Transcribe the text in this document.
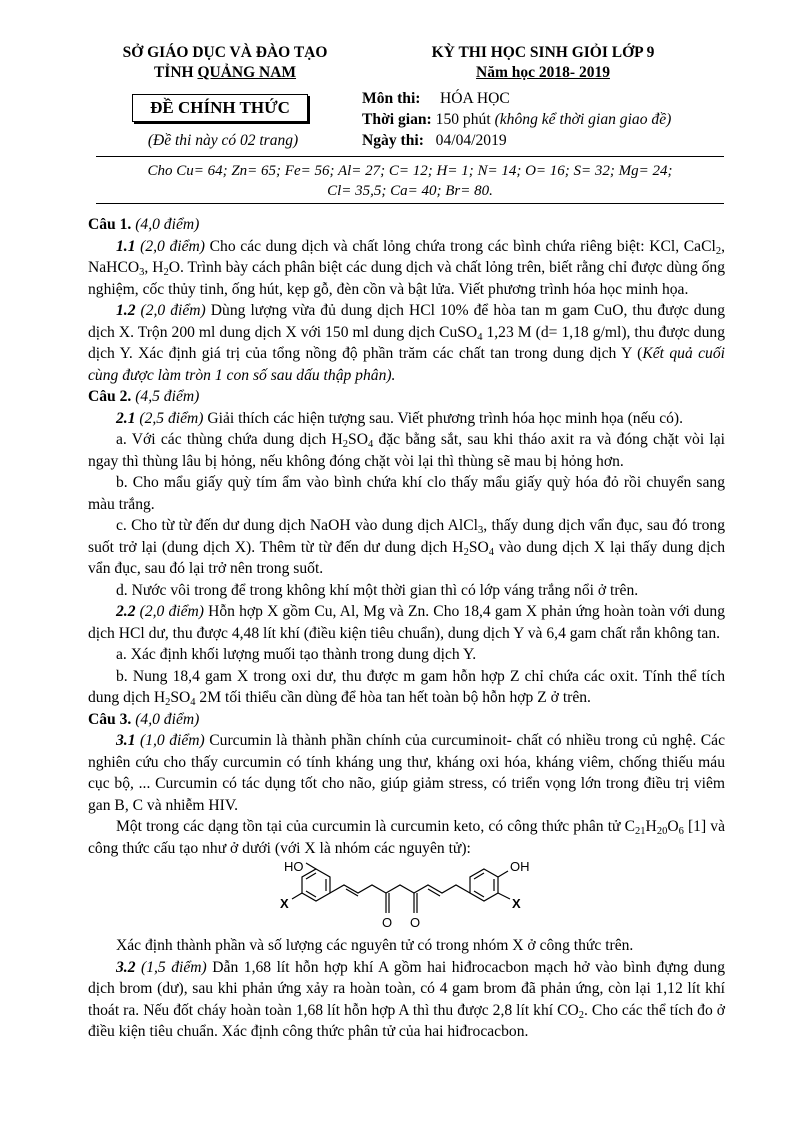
SỞ GIÁO DỤC VÀ ĐÀO TẠO
TỈNH QUẢNG NAM
KỲ THI HỌC SINH GIỎI LỚP 9
Năm học 2018- 2019
ĐỀ CHÍNH THỨC
(Đề thi này có 02 trang)
Môn thi: HÓA HỌC
Thời gian: 150 phút (không kể thời gian giao đề)
Ngày thi: 04/04/2019
Cho Cu= 64; Zn= 65; Fe= 56; Al= 27; C= 12; H= 1; N= 14; O= 16; S= 32; Mg= 24;
Cl= 35,5; Ca= 40; Br= 80.

Câu 1. (4,0 điểm)

1.1 (2,0 điểm) Cho các dung dịch và chất lỏng chứa trong các bình chứa riêng biệt: KCl, CaCl$_2$, NaHCO$_3$, $H_2O$. Trình bày cách phân biệt các dung dịch và chất lỏng trên, biết rằng chỉ được dùng ống nghiệm, cốc thủy tinh, ống hút, kẹp gỗ, đèn cồn và bật lửa. Viết phương trình hóa học minh họa.

1.2 (2,0 điểm) Dùng lượng vừa đủ dung dịch HCl 10% để hòa tan m gam CuO, thu được dung dịch X. Trộn 200 ml dung dịch X với 150 ml dung dịch CuSO$_4$ 1,23 M (d= 1,18 g/ml), thu được dung dịch Y. Xác định giá trị của tổng nồng độ phần trăm các chất tan trong dung dịch Y (Kết quả cuối cùng được làm tròn 1 con số sau dấu thập phân).

Câu 2. (4,5 điểm)

2.1 (2,5 điểm) Giải thích các hiện tượng sau. Viết phương trình hóa học minh họa (nếu có).

a. Với các thùng chứa dung dịch $H_2SO_4$ đặc bằng sắt, sau khi tháo axit ra và đóng chặt vòi lại ngay thì thùng lâu bị hỏng, nếu không đóng chặt vòi lại thì thùng sẽ mau bị hỏng hơn.

b. Cho mẩu giấy quỳ tím ẩm vào bình chứa khí clo thấy mẩu giấy quỳ hóa đỏ rồi chuyển sang màu trắng.

c. Cho từ từ đến dư dung dịch NaOH vào dung dịch AlCl$_3$, thấy dung dịch vẩn đục, sau đó trong suốt trở lại (dung dịch X). Thêm từ từ đến dư dung dịch $H_2SO_4$ vào dung dịch X lại thấy dung dịch vẩn đục, sau đó lại trở nên trong suốt.

d. Nước vôi trong để trong không khí một thời gian thì có lớp váng trắng nổi ở trên.

2.2 (2,0 điểm) Hỗn hợp X gồm Cu, Al, Mg và Zn. Cho 18,4 gam X phản ứng hoàn toàn với dung dịch HCl dư, thu được 4,48 lít khí (điều kiện tiêu chuẩn), dung dịch Y và 6,4 gam chất rắn không tan.

a. Xác định khối lượng muối tạo thành trong dung dịch Y.

b. Nung 18,4 gam X trong oxi dư, thu được m gam hỗn hợp Z chỉ chứa các oxit. Tính thể tích dung dịch $H_2SO_4$ 2M tối thiểu cần dùng để hòa tan hết toàn bộ hỗn hợp Z ở trên.

Câu 3. (4,0 điểm)

3.1 (1,0 điểm) Curcumin là thành phần chính của curcuminoit- chất có nhiều trong củ nghệ. Các nghiên cứu cho thấy curcumin có tính kháng ung thư, kháng oxi hóa, kháng viêm, chống thiếu máu cục bộ, ... Curcumin có tác dụng tốt cho não, giúp giảm stress, có triển vọng lớn trong điều trị viêm gan B, C và nhiễm HIV.

Một trong các dạng tồn tại của curcumin là curcumin keto, có công thức phân tử $C_{21}H_{20}O_6$ [1] và công thức cấu tạo như ở dưới (với X là nhóm các nguyên tử):

HO	OH
X	X
O O

Xác định thành phần và số lượng các nguyên tử có trong nhóm X ở công thức trên.

3.2 (1,5 điểm) Dẫn 1,68 lít hỗn hợp khí A gồm hai hiđrocacbon mạch hở vào bình đựng dung dịch brom (dư), sau khi phản ứng xảy ra hoàn toàn, có 4 gam brom đã phản ứng, còn lại 1,12 lít khí thoát ra. Nếu đốt cháy hoàn toàn 1,68 lít hỗn hợp A thì thu được 2,8 lít khí $CO_2$. Cho các thể tích đo ở điều kiện tiêu chuẩn. Xác định công thức phân tử của hai hiđrocacbon.
